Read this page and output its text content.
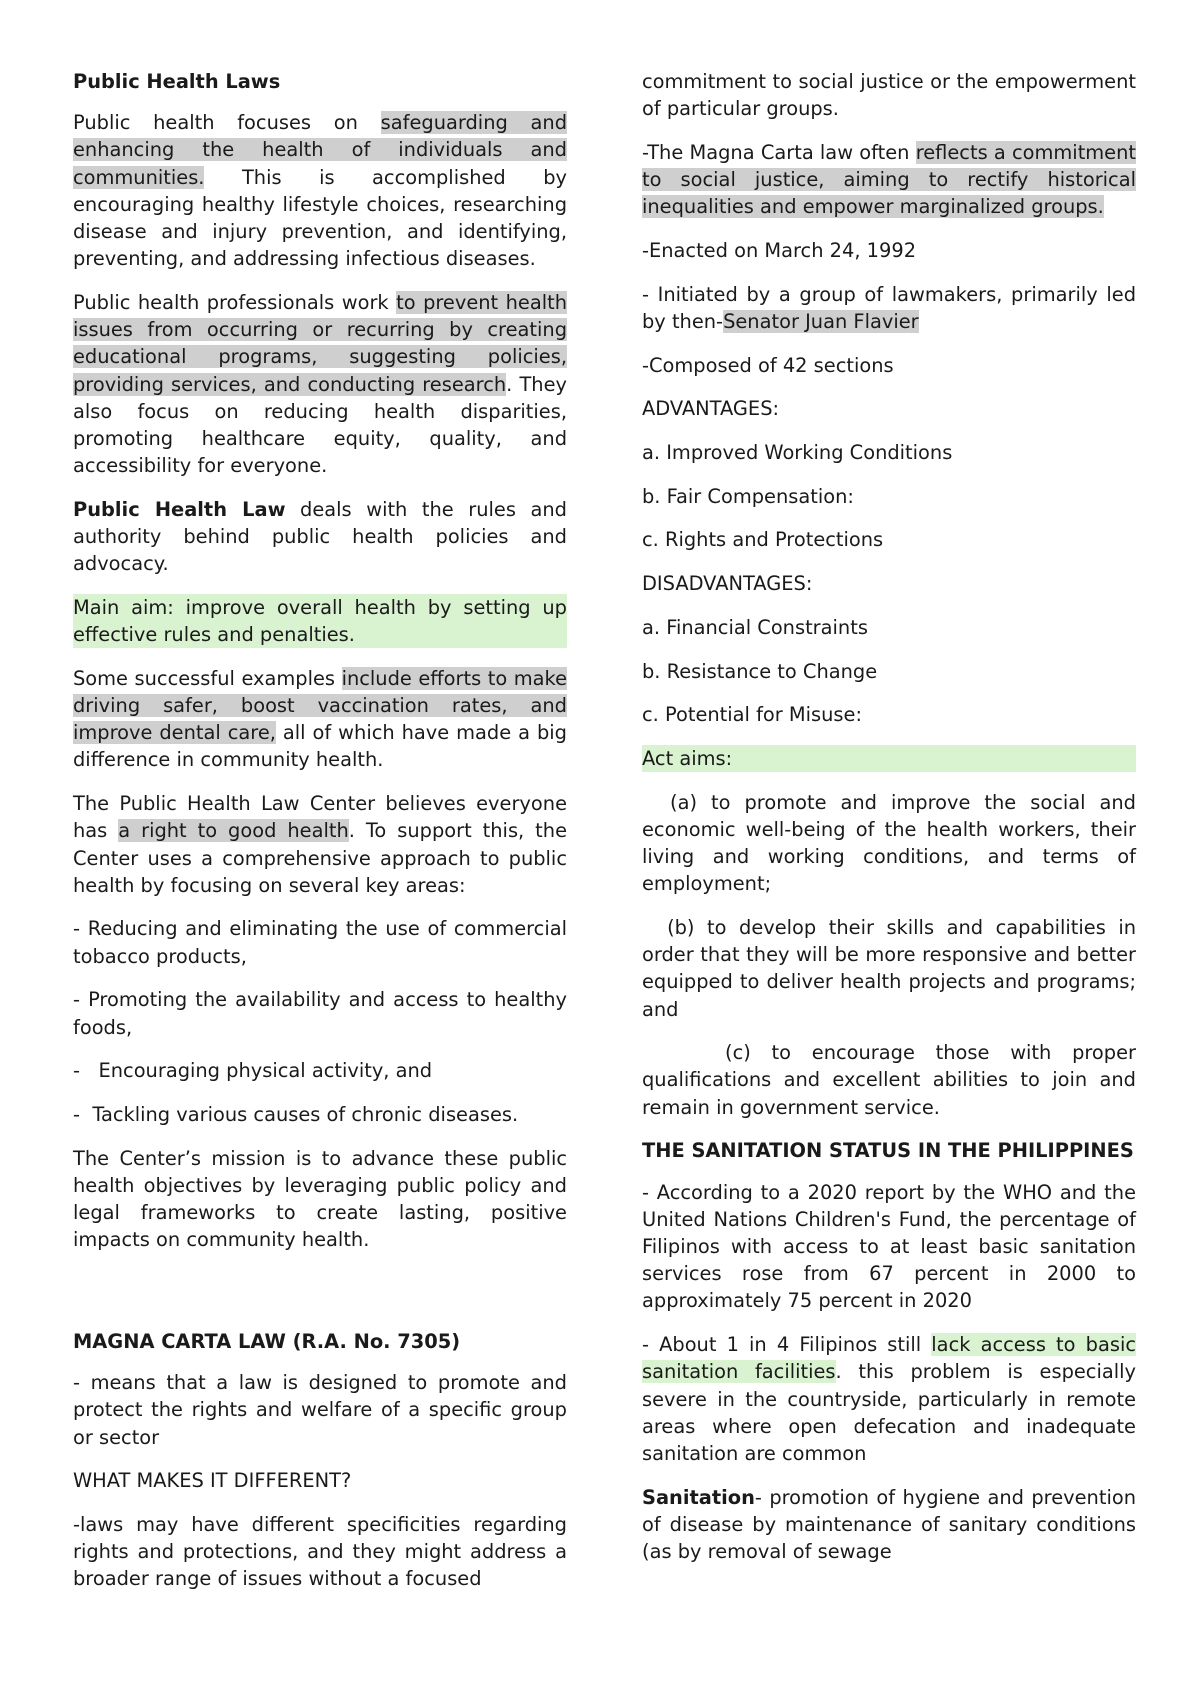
Public Health Laws

Public health focuses on safeguarding and enhancing the health of individuals and communities. This is accomplished by encouraging healthy lifestyle choices, researching disease and injury prevention, and identifying, preventing, and addressing infectious diseases.

Public health professionals work to prevent health issues from occurring or recurring by creating educational programs, suggesting policies, providing services, and conducting research. They also focus on reducing health disparities, promoting healthcare equity, quality, and accessibility for everyone.

Public Health Law deals with the rules and authority behind public health policies and advocacy.

Main aim: improve overall health by setting up effective rules and penalties.

Some successful examples include efforts to make driving safer, boost vaccination rates, and improve dental care, all of which have made a big difference in community health.

The Public Health Law Center believes everyone has a right to good health. To support this, the Center uses a comprehensive approach to public health by focusing on several key areas:

- Reducing and eliminating the use of commercial tobacco products,

- Promoting the availability and access to healthy foods,

-   Encouraging physical activity, and

-  Tackling various causes of chronic diseases.

The Center’s mission is to advance these public health objectives by leveraging public policy and legal frameworks to create lasting, positive impacts on community health.

MAGNA CARTA LAW (R.A. No. 7305)

- means that a law is designed to promote and protect the rights and welfare of a specific group or sector

WHAT MAKES IT DIFFERENT?

-laws may have different specificities regarding rights and protections, and they might address a broader range of issues without a focused

commitment to social justice or the empowerment of particular groups.

-The Magna Carta law often reflects a commitment to social justice, aiming to rectify historical inequalities and empower marginalized groups.

-Enacted on March 24, 1992

- Initiated by a group of lawmakers, primarily led by then-Senator Juan Flavier

-Composed of 42 sections

ADVANTAGES:

a. Improved Working Conditions

b. Fair Compensation:

c. Rights and Protections

DISADVANTAGES:

a. Financial Constraints

b. Resistance to Change

c. Potential for Misuse:

Act aims:

(a) to promote and improve the social and economic well-being of the health workers, their living and working conditions, and terms of employment;

(b) to develop their skills and capabilities in order that they will be more responsive and better equipped to deliver health projects and programs; and

(c) to encourage those with proper qualifications and excellent abilities to join and remain in government service.

THE SANITATION STATUS IN THE PHILIPPINES

- According to a 2020 report by the WHO and the United Nations Children's Fund, the percentage of Filipinos with access to at least basic sanitation services rose from 67 percent in 2000 to approximately 75 percent in 2020

- About 1 in 4 Filipinos still lack access to basic sanitation facilities. this problem is especially severe in the countryside, particularly in remote areas where open defecation and inadequate sanitation are common

Sanitation- promotion of hygiene and prevention of disease by maintenance of sanitary conditions (as by removal of sewage
